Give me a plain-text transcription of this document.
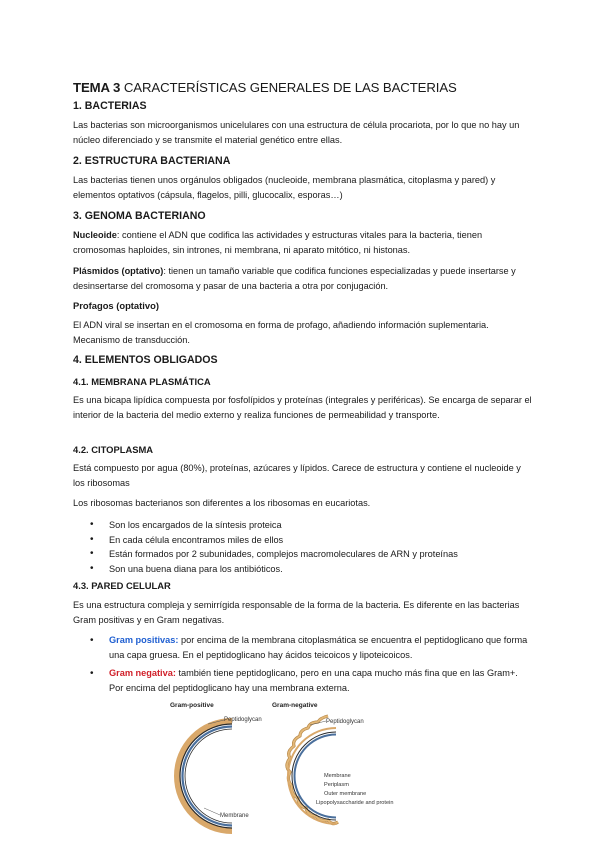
TEMA 3 CARACTERÍSTICAS GENERALES DE LAS BACTERIAS
1. BACTERIAS
Las bacterias son microorganismos unicelulares con una estructura de célula procariota, por lo que no hay un núcleo diferenciado y se transmite el material genético entre ellas.
2. ESTRUCTURA BACTERIANA
Las bacterias tienen unos orgánulos obligados (nucleoide, membrana plasmática, citoplasma y pared) y elementos optativos (cápsula, flagelos, pilli, glucocalix, esporas…)
3. GENOMA BACTERIANO
Nucleoide: contiene el ADN que codifica las actividades y estructuras vitales para la bacteria, tienen cromosomas haploides, sin intrones, ni membrana, ni aparato mitótico, ni histonas.
Plásmidos (optativo): tienen un tamaño variable que codifica funciones especializadas y puede insertarse y desinsertarse del cromosoma y pasar de una bacteria a otra por conjugación.
Profagos (optativo)
El ADN viral se insertan en el cromosoma en forma de profago, añadiendo información suplementaria. Mecanismo de transducción.
4. ELEMENTOS OBLIGADOS
4.1. MEMBRANA PLASMÁTICA
Es una bicapa lipídica compuesta por fosfolípidos y proteínas (integrales y periféricas). Se encarga de separar el interior de la bacteria del medio externo y realiza funciones de permeabilidad y transporte.
4.2. CITOPLASMA
Está compuesto por agua (80%), proteínas, azúcares y lípidos. Carece de estructura y contiene el nucleoide y los ribosomas
Los ribosomas bacterianos son diferentes a los ribosomas en eucariotas.
• Son los encargados de la síntesis proteica
• En cada célula encontramos miles de ellos
• Están formados por 2 subunidades, complejos macromoleculares de ARN y proteínas
• Son una buena diana para los antibióticos.
4.3. PARED CELULAR
Es una estructura compleja y semirrígida responsable de la forma de la bacteria. Es diferente en las bacterias Gram positivas y en Gram negativas.
• Gram positivas: por encima de la membrana citoplasmática se encuentra el peptidoglicano que forma una capa gruesa. En el peptidoglicano hay ácidos teicoicos y lipoteicoicos.
• Gram negativa: también tiene peptidoglicano, pero en una capa mucho más fina que en las Gram+. Por encima del peptidoglicano hay una membrana externa.
Gram-positive
Peptidoglycan
Membrane
Gram-negative
Peptidoglycan
Membrane
Periplasm
Outer membrane
Lipopolysaccharide and protein
